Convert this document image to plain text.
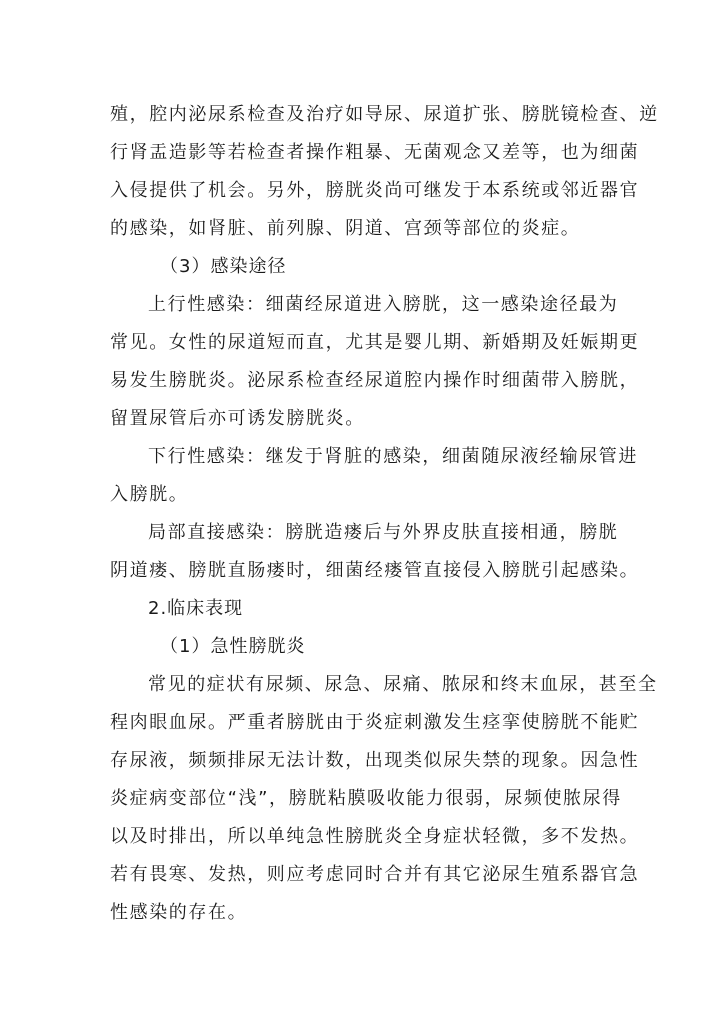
殖，腔内泌尿系检查及治疗如导尿、尿道扩张、膀胱镜检查、逆
行肾盂造影等若检查者操作粗暴、无菌观念又差等，也为细菌
入侵提供了机会。另外，膀胱炎尚可继发于本系统或邻近器官
的感染，如肾脏、前列腺、阴道、宫颈等部位的炎症。
（3）感染途径
上行性感染：细菌经尿道进入膀胱，这一感染途径最为
常见。女性的尿道短而直，尤其是婴儿期、新婚期及妊娠期更
易发生膀胱炎。泌尿系检查经尿道腔内操作时细菌带入膀胱，
留置尿管后亦可诱发膀胱炎。
下行性感染：继发于肾脏的感染，细菌随尿液经输尿管进
入膀胱。
局部直接感染：膀胱造瘘后与外界皮肤直接相通，膀胱
阴道瘘、膀胱直肠瘘时，细菌经瘘管直接侵入膀胱引起感染。
2.临床表现
（1）急性膀胱炎
常见的症状有尿频、尿急、尿痛、脓尿和终末血尿，甚至全
程肉眼血尿。严重者膀胱由于炎症刺激发生痉挛使膀胱不能贮
存尿液，频频排尿无法计数，出现类似尿失禁的现象。因急性
炎症病变部位“浅”，膀胱粘膜吸收能力很弱，尿频使脓尿得
以及时排出，所以单纯急性膀胱炎全身症状轻微，多不发热。
若有畏寒、发热，则应考虑同时合并有其它泌尿生殖系器官急
性感染的存在。
